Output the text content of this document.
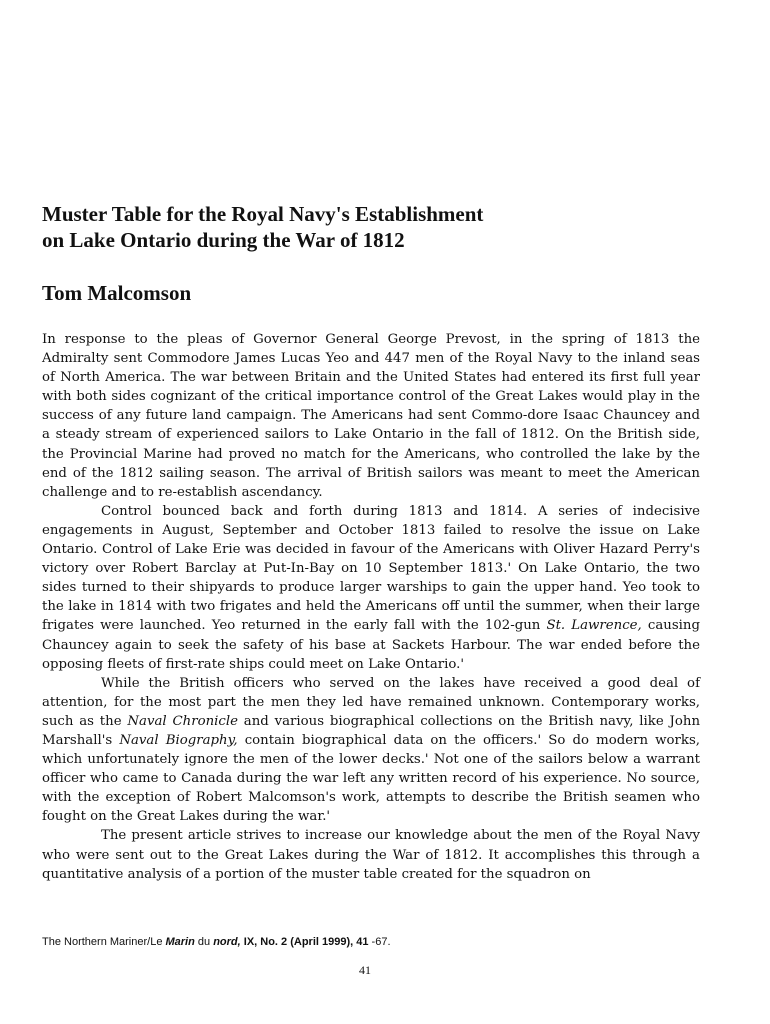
Muster Table for the Royal Navy's Establishment
on Lake Ontario during the War of 1812
Tom Malcomson

In response to the pleas of Governor General George Prevost, in the spring of 1813 the Admiralty sent Commodore James Lucas Yeo and 447 men of the Royal Navy to the inland seas of North America. The war between Britain and the United States had entered its first full year with both sides cognizant of the critical importance control of the Great Lakes would play in the success of any future land campaign. The Americans had sent Commo-dore Isaac Chauncey and a steady stream of experienced sailors to Lake Ontario in the fall of 1812. On the British side, the Provincial Marine had proved no match for the Americans, who controlled the lake by the end of the 1812 sailing season. The arrival of British sailors was meant to meet the American challenge and to re-establish ascendancy.

Control bounced back and forth during 1813 and 1814. A series of indecisive engagements in August, September and October 1813 failed to resolve the issue on Lake Ontario. Control of Lake Erie was decided in favour of the Americans with Oliver Hazard Perry's victory over Robert Barclay at Put-In-Bay on 10 September 1813.' On Lake Ontario, the two sides turned to their shipyards to produce larger warships to gain the upper hand. Yeo took to the lake in 1814 with two frigates and held the Americans off until the summer, when their large frigates were launched. Yeo returned in the early fall with the 102-gun St. Lawrence, causing Chauncey again to seek the safety of his base at Sackets Harbour. The war ended before the opposing fleets of first-rate ships could meet on Lake Ontario.'

While the British officers who served on the lakes have received a good deal of attention, for the most part the men they led have remained unknown. Contemporary works, such as the Naval Chronicle and various biographical collections on the British navy, like John Marshall's Naval Biography, contain biographical data on the officers.' So do modern works, which unfortunately ignore the men of the lower decks.' Not one of the sailors below a warrant officer who came to Canada during the war left any written record of his experience. No source, with the exception of Robert Malcomson's work, attempts to describe the British seamen who fought on the Great Lakes during the war.'

The present article strives to increase our knowledge about the men of the Royal Navy who were sent out to the Great Lakes during the War of 1812. It accomplishes this through a quantitative analysis of a portion of the muster table created for the squadron on

The Northern Mariner/Le Marin du nord, IX, No. 2 (April 1999), 41 -67.
41
